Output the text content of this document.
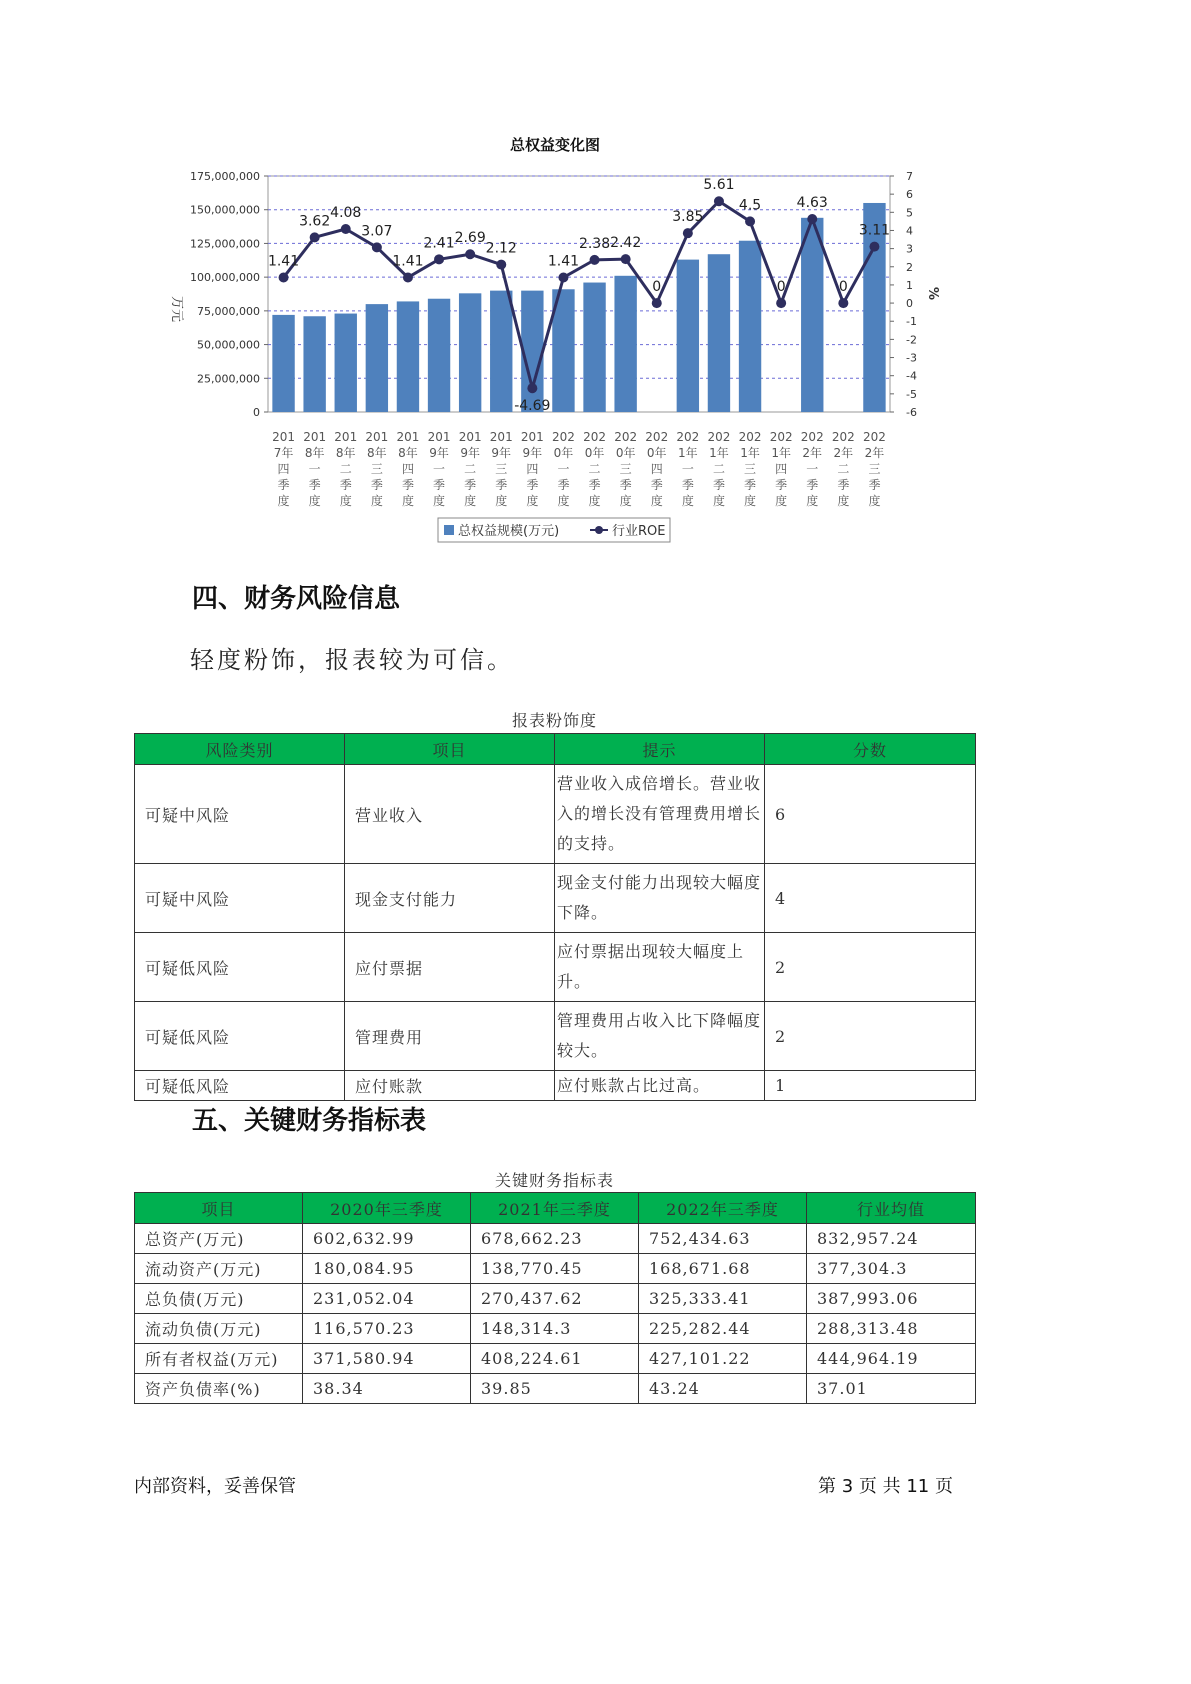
总权益变化图
175,000,000
150,000,000
125,000,000
100,000,000
75,000,000
50,000,000
25,000,000
0
7
6
5
4
3
2
1
0
-1
-2
-3
-4
-5
-6
1.41
3.62
4.08
3.07
1.41
2.41 2.69
2.12
-4.69
1.41
2.38 2.42
0
3.85
5.61
4.5
0
4.63
0
3.11
201 7年四季度
201 8年一季度
201 8年二季度
201 8年三季度
201 8年四季度
201 9年一季度
201 9年二季度
201 9年三季度
201 9年四季度
202 0年一季度
202 0年二季度
202 0年三季度
202 0年四季度
202 1年一季度
202 1年二季度
202 1年三季度
202 1年四季度
202 2年一季度
202 2年二季度
202 2年三季度
万元
%
总权益规模(万元)	行业ROE
四、财务风险信息

轻度粉饰，报表较为可信。

报表粉饰度
风险类别	项目	提示	分数
可疑中风险	营业收入	营业收入成倍增长。营业收入的增长没有管理费用增长的支持。	6
可疑中风险	现金支付能力	现金支付能力出现较大幅度下降。	4
可疑低风险	应付票据	应付票据出现较大幅度上升。	2
可疑低风险	管理费用	管理费用占收入比下降幅度较大。	2
可疑低风险	应付账款	应付账款占比过高。	1
五、关键财务指标表
关键财务指标表
项目	2020年三季度	2021年三季度	2022年三季度	行业均值
总资产(万元)	602,632.99	678,662.23	752,434.63	832,957.24
流动资产(万元)	180,084.95	138,770.45	168,671.68	377,304.3
总负债(万元)	231,052.04	270,437.62	325,333.41	387,993.06
流动负债(万元)	116,570.23	148,314.3	225,282.44	288,313.48
所有者权益(万元)	371,580.94	408,224.61	427,101.22	444,964.19
资产负债率(%)	38.34	39.85	43.24	37.01
内部资料，妥善保管	第 3 页 共 11 页
